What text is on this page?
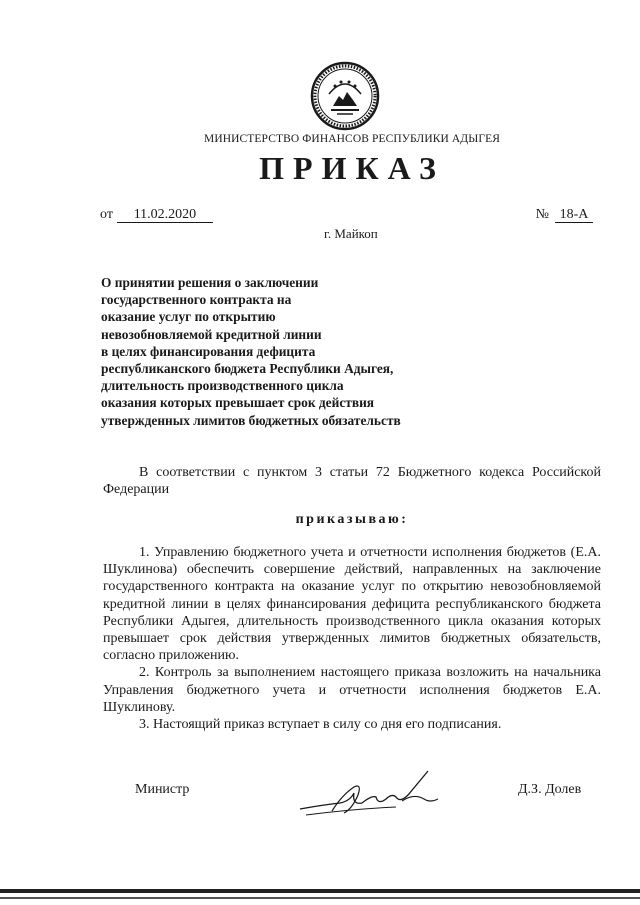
МИНИСТЕРСТВО ФИНАНСОВ РЕСПУБЛИКИ АДЫГЕЯ
ПРИКАЗ
от 11.02.2020	№ 18-А
г. Майкоп
О принятии решения о заключении
государственного контракта на
оказание услуг по открытию
невозобновляемой кредитной линии
в целях финансирования дефицита
республиканского бюджета Республики Адыгея,
длительность производственного цикла
оказания которых превышает срок действия
утвержденных лимитов бюджетных обязательств
В соответствии с пунктом 3 статьи 72 Бюджетного кодекса Российской Федерации
приказываю:

1. Управлению бюджетного учета и отчетности исполнения бюджетов (Е.А. Шуклинова) обеспечить совершение действий, направленных на заключение государственного контракта на оказание услуг по открытию невозобновляемой кредитной линии в целях финансирования дефицита республиканского бюджета Республики Адыгея, длительность производственного цикла оказания которых превышает срок действия утвержденных лимитов бюджетных обязательств, согласно приложению.

2. Контроль за выполнением настоящего приказа возложить на начальника Управления бюджетного учета и отчетности исполнения бюджетов Е.А. Шуклинову.

3. Настоящий приказ вступает в силу со дня его подписания.

Министр	Д.З. Долев
